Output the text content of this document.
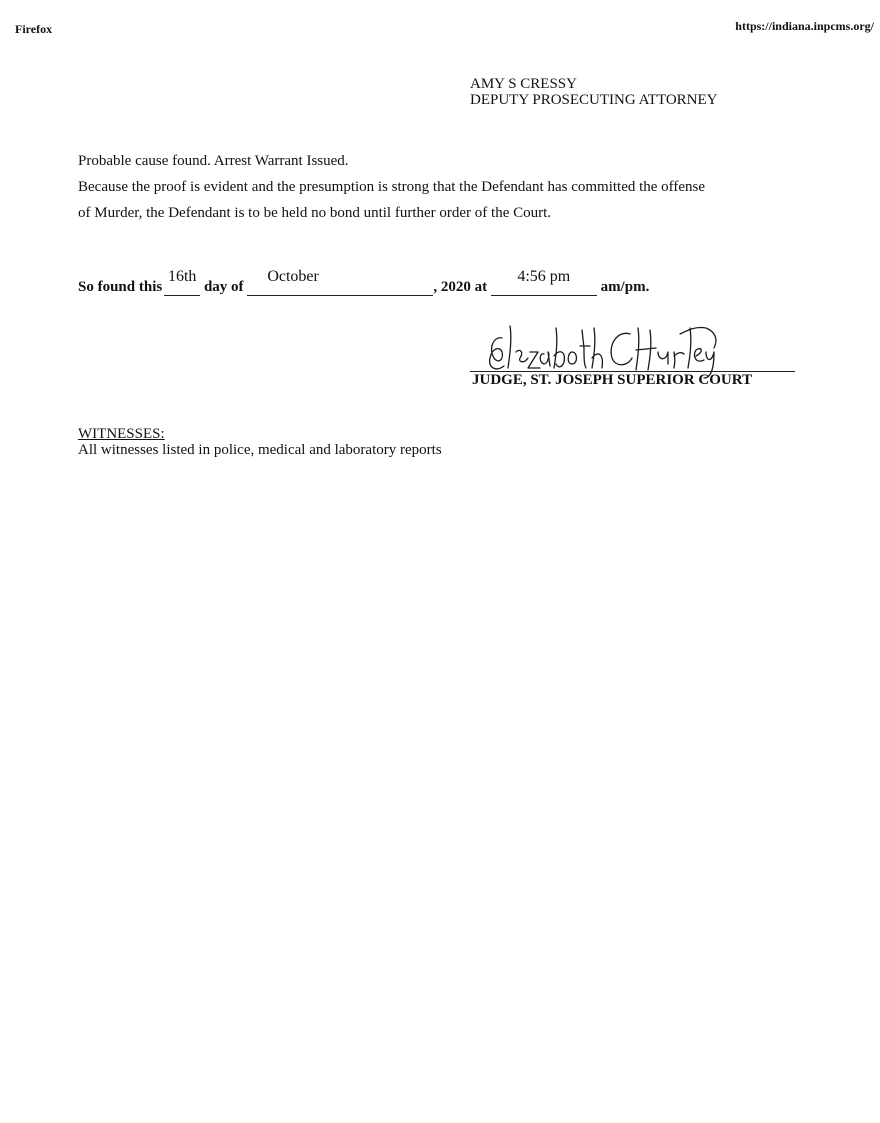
Firefox	https://indiana.inpcms.org/
AMY S CRESSY
DEPUTY PROSECUTING ATTORNEY

Probable cause found. Arrest Warrant Issued.

Because the proof is evident and the presumption is strong that the Defendant has committed the offense

of Murder, the Defendant is to be held no bond until further order of the Court.

So found this
16th
day of
October
, 2020 at
4:56 pm
am/pm.
JUDGE, ST. JOSEPH SUPERIOR COURT
WITNESSES:
All witnesses listed in police, medical and laboratory reports
